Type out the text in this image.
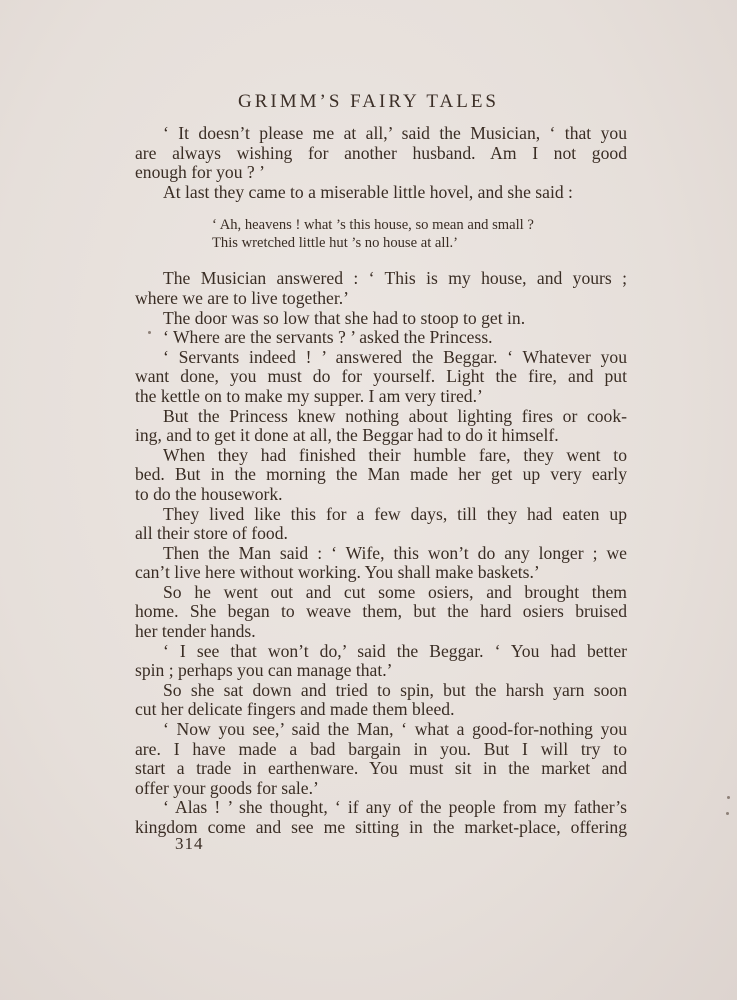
GRIMM’S FAIRY TALES
‘ It doesn’t please me at all,’ said the Musician, ‘ that you
are always wishing for another husband. Am I not good
enough for you ? ’
At last they came to a miserable little hovel, and she said :
‘ Ah, heavens ! what ’s this house, so mean and small ?
This wretched little hut ’s no house at all.’
The Musician answered : ‘ This is my house, and yours ;
where we are to live together.’
The door was so low that she had to stoop to get in.
‘ Where are the servants ? ’ asked the Princess.
‘ Servants indeed ! ’ answered the Beggar. ‘ Whatever you
want done, you must do for yourself. Light the fire, and put
the kettle on to make my supper. I am very tired.’
But the Princess knew nothing about lighting fires or cook-
ing, and to get it done at all, the Beggar had to do it himself.
When they had finished their humble fare, they went to
bed. But in the morning the Man made her get up very early
to do the housework.
They lived like this for a few days, till they had eaten up
all their store of food.
Then the Man said : ‘ Wife, this won’t do any longer ; we
can’t live here without working. You shall make baskets.’
So he went out and cut some osiers, and brought them
home. She began to weave them, but the hard osiers bruised
her tender hands.
‘ I see that won’t do,’ said the Beggar. ‘ You had better
spin ; perhaps you can manage that.’
So she sat down and tried to spin, but the harsh yarn soon
cut her delicate fingers and made them bleed.
‘ Now you see,’ said the Man, ‘ what a good-for-nothing you
are. I have made a bad bargain in you. But I will try to
start a trade in earthenware. You must sit in the market and
offer your goods for sale.’
‘ Alas ! ’ she thought, ‘ if any of the people from my father’s
kingdom come and see me sitting in the market-place, offering
314
